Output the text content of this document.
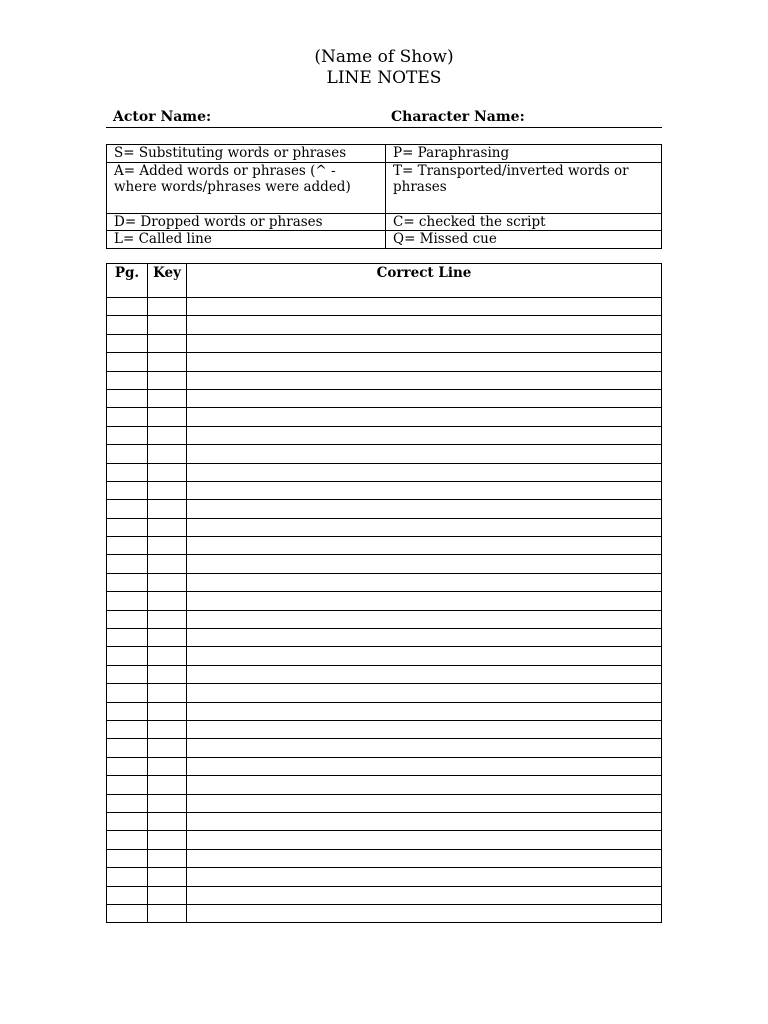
(Name of Show)
LINE NOTES
Actor Name:	Character Name:
S= Substituting words or phrases	P= Paraphrasing
A= Added words or phrases (^ - where words/phrases were added)	T= Transported/inverted words or phrases
D= Dropped words or phrases	C= checked the script
L= Called line	Q= Missed cue
Pg.	Key	Correct Line
